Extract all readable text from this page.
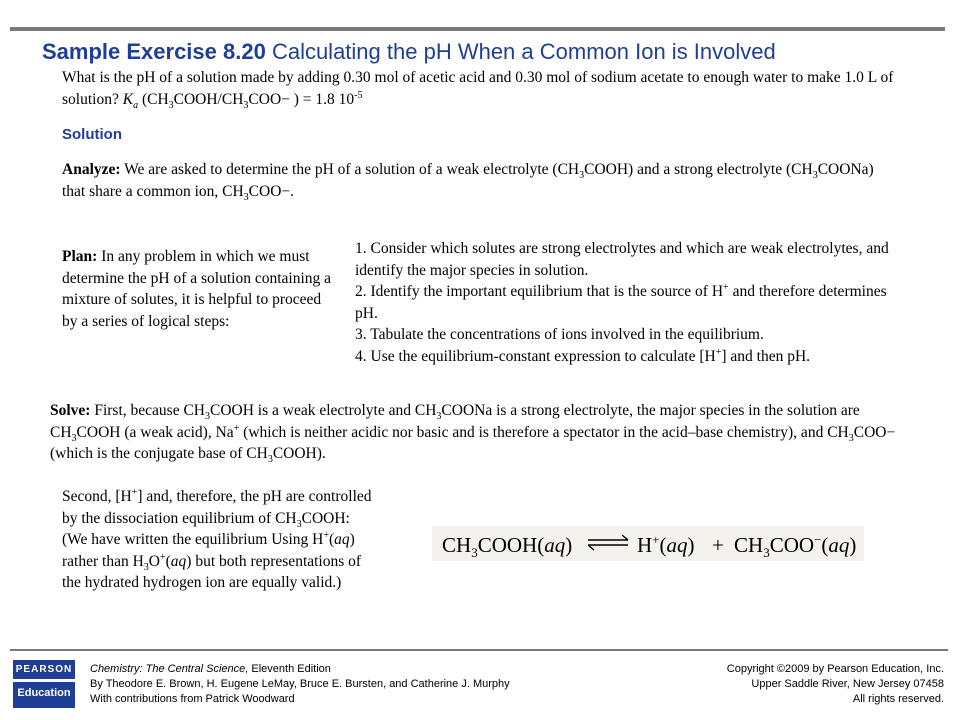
Sample Exercise 8.20 Calculating the pH When a Common Ion is Involved
What is the pH of a solution made by adding 0.30 mol of acetic acid and 0.30 mol of sodium acetate to enough water to make 1.0 L of solution? $K_a$ ($CH_3COOH/CH_3COO-$ ) = 1.8 $10^{-5}$
Solution
Analyze: We are asked to determine the pH of a solution of a weak electrolyte $(CH_3COOH)$ and a strong electrolyte $(CH_3COONa)$ that share a common ion, $CH_3COO-$.
Plan: In any problem in which we must determine the pH of a solution containing a mixture of solutes, it is helpful to proceed by a series of logical steps:
1. Consider which solutes are strong electrolytes and which are weak electrolytes, and identify the major species in solution.
2. Identify the important equilibrium that is the source of H+ and therefore determines pH.
3. Tabulate the concentrations of ions involved in the equilibrium.
4. Use the equilibrium-constant expression to calculate [H+] and then pH.
Solve: First, because $CH_3COOH$ is a weak electrolyte and $CH_3COONa$ is a strong electrolyte, the major species in the solution are $CH_3COOH$ (a weak acid), Na+ (which is neither acidic nor basic and is therefore a spectator in the acid–base chemistry), and $CH_3COO-$ (which is the conjugate base of $CH_3COOH$).
Second, [H+] and, therefore, the pH are controlled by the dissociation equilibrium of $CH_3COOH$:
(We have written the equilibrium Using H+(aq) rather than $H_3O^+(aq)$ but both representations of the hydrated hydrogen ion are equally valid.)
$CH_3COOH(aq)$	$H^+(aq) + CH_3COO^-(aq)$
PEARSON
Education
Chemistry: The Central Science, Eleventh Edition
By Theodore E. Brown, H. Eugene LeMay, Bruce E. Bursten, and Catherine J. Murphy
With contributions from Patrick Woodward
Copyright ©2009 by Pearson Education, Inc.
Upper Saddle River, New Jersey 07458
All rights reserved.
